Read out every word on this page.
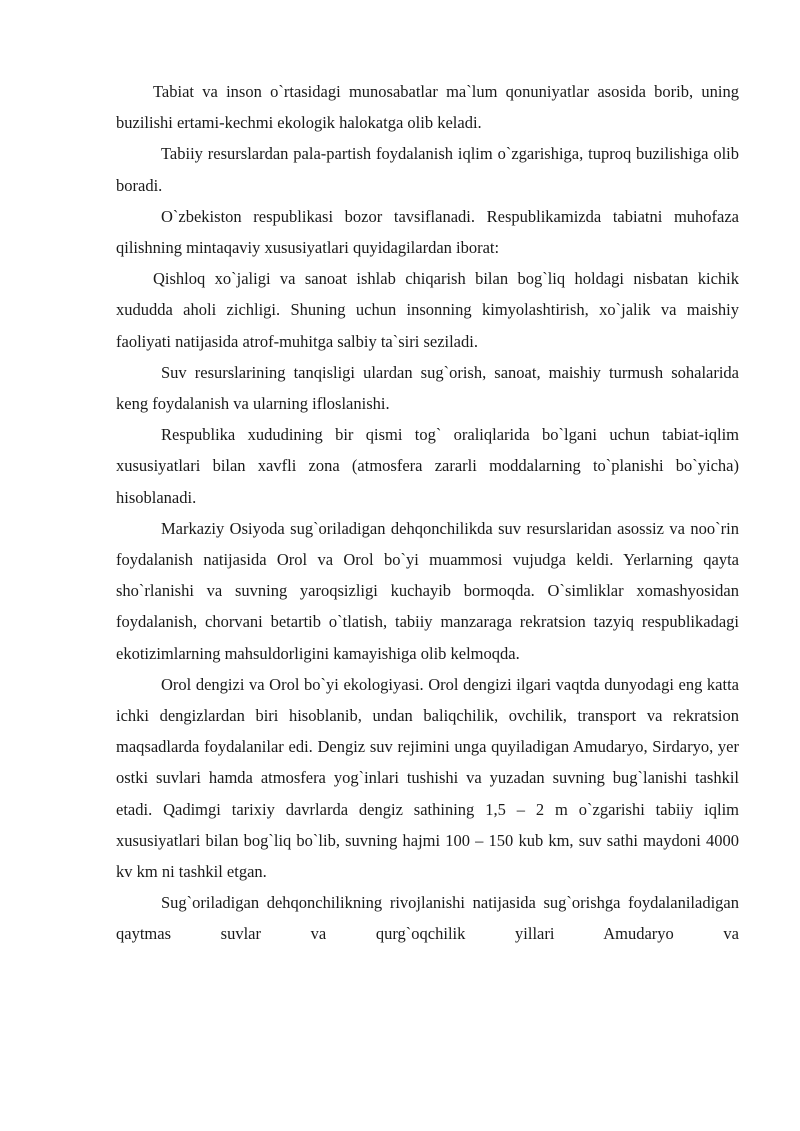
Tabiat va inson o`rtasidagi munosabatlar ma`lum qonuniyatlar asosida borib, uning buzilishi ertami-kechmi ekologik halokatga olib keladi.

Tabiiy resurslardan pala-partish foydalanish iqlim o`zgarishiga, tuproq buzilishiga olib boradi.

O`zbekiston respublikasi bozor tavsiflanadi. Respublikamizda tabiatni muhofaza qilishning mintaqaviy xususiyatlari quyidagilardan iborat:

Qishloq xo`jaligi va sanoat ishlab chiqarish bilan bog`liq holdagi nisbatan kichik xududda aholi zichligi. Shuning uchun insonning kimyolashtirish, xo`jalik va maishiy faoliyati natijasida atrof-muhitga salbiy ta`siri seziladi.

Suv resurslarining tanqisligi ulardan sug`orish, sanoat, maishiy turmush sohalarida keng foydalanish va ularning ifloslanishi.

Respublika xududining bir qismi tog` oraliqlarida bo`lgani uchun tabiat-iqlim xususiyatlari bilan xavfli zona (atmosfera zararli moddalarning to`planishi bo`yicha) hisoblanadi.

Markaziy Osiyoda sug`oriladigan dehqonchilikda suv resurslaridan asossiz va noo`rin foydalanish natijasida Orol va Orol bo`yi muammosi vujudga keldi. Yerlarning qayta sho`rlanishi va suvning yaroqsizligi kuchayib bormoqda. O`simliklar xomashyosidan foydalanish, chorvani betartib o`tlatish, tabiiy manzaraga rekratsion tazyiq respublikadagi ekotizimlarning mahsuldorligini kamayishiga olib kelmoqda.

Orol dengizi va Orol bo`yi ekologiyasi. Orol dengizi ilgari vaqtda dunyodagi eng katta ichki dengizlardan biri hisoblanib, undan baliqchilik, ovchilik, transport va rekratsion maqsadlarda foydalanilar edi. Dengiz suv rejimini unga quyiladigan Amudaryo, Sirdaryo, yer ostki suvlari hamda atmosfera yog`inlari tushishi va yuzadan suvning bug`lanishi tashkil etadi. Qadimgi tarixiy davrlarda dengiz sathining 1,5 – 2 m o`zgarishi tabiiy iqlim xususiyatlari bilan bog`liq bo`lib, suvning hajmi 100 – 150 kub km, suv sathi maydoni 4000 kv km ni tashkil etgan.

Sug`oriladigan dehqonchilikning rivojlanishi natijasida sug`orishga foydalaniladigan qaytmas suvlar va qurg`oqchilik yillari Amudaryo va
